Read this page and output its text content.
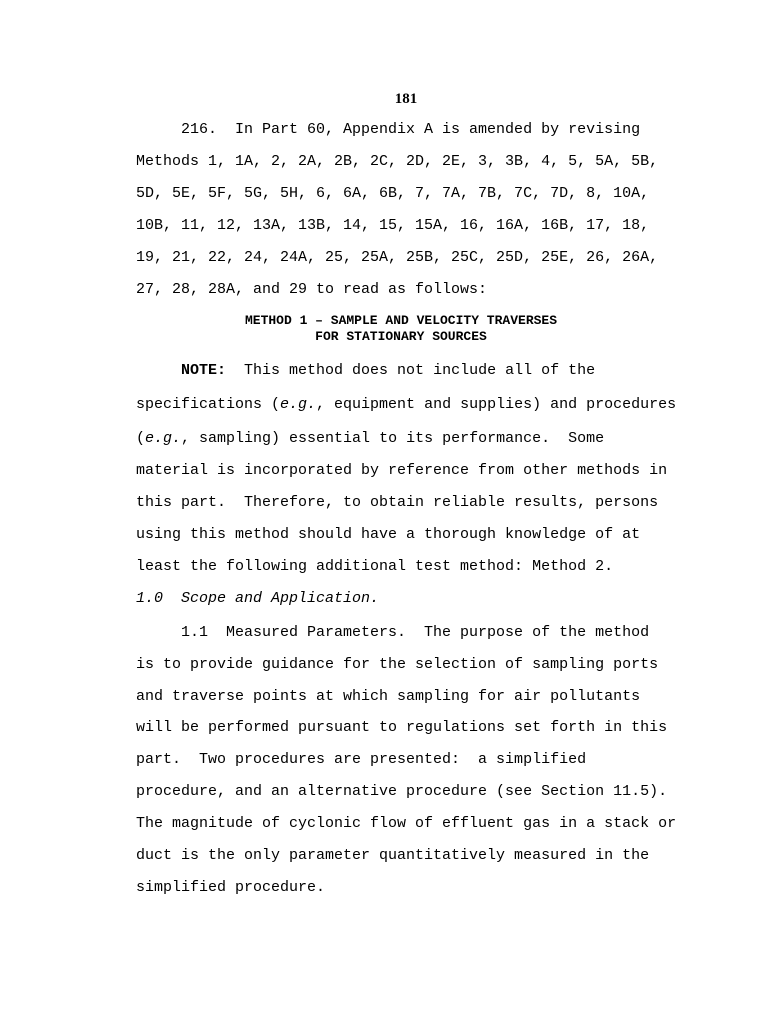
181
216.  In Part 60, Appendix A is amended by revising
Methods 1, 1A, 2, 2A, 2B, 2C, 2D, 2E, 3, 3B, 4, 5, 5A, 5B,
5D, 5E, 5F, 5G, 5H, 6, 6A, 6B, 7, 7A, 7B, 7C, 7D, 8, 10A,
10B, 11, 12, 13A, 13B, 14, 15, 15A, 16, 16A, 16B, 17, 18,
19, 21, 22, 24, 24A, 25, 25A, 25B, 25C, 25D, 25E, 26, 26A,
27, 28, 28A, and 29 to read as follows:
METHOD 1 – SAMPLE AND VELOCITY TRAVERSES
FOR STATIONARY SOURCES
NOTE:  This method does not include all of the
specifications (e.g., equipment and supplies) and procedures
(e.g., sampling) essential to its performance.  Some
material is incorporated by reference from other methods in
this part.  Therefore, to obtain reliable results, persons
using this method should have a thorough knowledge of at
least the following additional test method: Method 2.
1.0  Scope and Application.
1.1  Measured Parameters.  The purpose of the method
is to provide guidance for the selection of sampling ports
and traverse points at which sampling for air pollutants
will be performed pursuant to regulations set forth in this
part.  Two procedures are presented:  a simplified
procedure, and an alternative procedure (see Section 11.5).
The magnitude of cyclonic flow of effluent gas in a stack or
duct is the only parameter quantitatively measured in the
simplified procedure.
